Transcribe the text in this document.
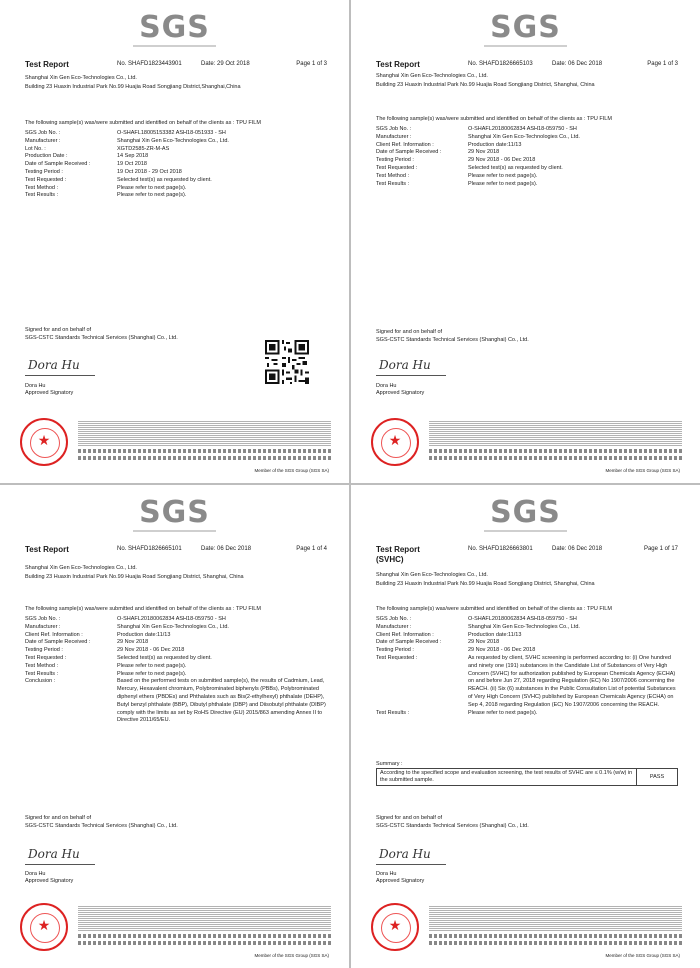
SGS
Test Report	No. SHAFD1823443901	Date: 29 Oct 2018	Page 1 of 3
Shanghai Xin Gen Eco-Technologies Co., Ltd.
Building 23 Huaxin Industrial Park No.99 Huajia Road Songjiang District,Shanghai,China
The following sample(s) was/were submitted and identified on behalf of the clients as : TPU FILM
SGS Job No. :	O-SHAFL18005153382 ASH18-051933 - SH
Manufacturer :	Shanghai Xin Gen Eco-Technologies Co., Ltd.
Lot No. :	XGTD2585-ZR-M-AS
Production Date :	14 Sep 2018
Date of Sample Received :	19 Oct 2018
Testing Period :	19 Oct 2018 - 29 Oct 2018
Test Requested :	Selected test(s) as requested by client.
Test Method :	Please refer to next page(s).
Test Results :	Please refer to next page(s).
Signed for and on behalf of
SGS-CSTC Standards Technical Services (Shanghai) Co., Ltd.
Dora Hu
Dora Hu
Approved Signatory
★
Member of the SGS Group (SGS SA)
SGS
Test Report	No. SHAFD1826665103	Date: 06 Dec 2018	Page 1 of 3
Shanghai Xin Gen Eco-Technologies Co., Ltd.
Building 23 Huaxin Industrial Park No.99 Huajia Road Songjiang District, Shanghai, China
The following sample(s) was/were submitted and identified on behalf of the clients as : TPU FILM
SGS Job No. :	O-SHAFL20180062834 ASH18-059750 - SH
Manufacturer :	Shanghai Xin Gen Eco-Technologies Co., Ltd.
Client Ref. Information :	Production date:11/13
Date of Sample Received :	29 Nov 2018
Testing Period :	29 Nov 2018 - 06 Dec 2018
Test Requested :	Selected test(s) as requested by client.
Test Method :	Please refer to next page(s).
Test Results :	Please refer to next page(s).
Signed for and on behalf of
SGS-CSTC Standards Technical Services (Shanghai) Co., Ltd.
Dora Hu
Dora Hu
Approved Signatory
★
Member of the SGS Group (SGS SA)
SGS
Test Report	No. SHAFD1826665101	Date: 06 Dec 2018	Page 1 of 4
Shanghai Xin Gen Eco-Technologies Co., Ltd.
Building 23 Huaxin Industrial Park No.99 Huajia Road Songjiang District, Shanghai, China
The following sample(s) was/were submitted and identified on behalf of the clients as : TPU FILM
SGS Job No. :	O-SHAFL20180062834 ASH18-059750 - SH
Manufacturer :	Shanghai Xin Gen Eco-Technologies Co., Ltd.
Client Ref. Information :	Production date:11/13
Date of Sample Received :	29 Nov 2018
Testing Period :	29 Nov 2018 - 06 Dec 2018
Test Requested :	Selected test(s) as requested by client.
Test Method :	Please refer to next page(s).
Test Results :	Please refer to next page(s).
Conclusion :	Based on the performed tests on submitted sample(s), the results of Cadmium, Lead, Mercury, Hexavalent chromium, Polybrominated biphenyls (PBBs), Polybrominated diphenyl ethers (PBDEs) and Phthalates such as Bis(2-ethylhexyl) phthalate (DEHP), Butyl benzyl phthalate (BBP), Dibutyl phthalate (DBP) and Diisobutyl phthalate (DIBP) comply with the limits as set by RoHS Directive (EU) 2015/863 amending Annex II to Directive 2011/65/EU.
Signed for and on behalf of
SGS-CSTC Standards Technical Services (Shanghai) Co., Ltd.
Dora Hu
Dora Hu
Approved Signatory
★
Member of the SGS Group (SGS SA)
SGS
Test Report
(SVHC)
No. SHAFD1826663801	Date: 06 Dec 2018	Page 1 of 17
Shanghai Xin Gen Eco-Technologies Co., Ltd.
Building 23 Huaxin Industrial Park No.99 Huajia Road Songjiang District, Shanghai, China
The following sample(s) was/were submitted and identified on behalf of the clients as : TPU FILM
SGS Job No. :	O-SHAFL20180062834 ASH18-059750 - SH
Manufacturer :	Shanghai Xin Gen Eco-Technologies Co., Ltd.
Client Ref. Information :	Production date:11/13
Date of Sample Received :	29 Nov 2018
Testing Period :	29 Nov 2018 - 06 Dec 2018
Test Requested :	As requested by client, SVHC screening is performed according to: (i) One hundred and ninety one (191) substances in the Candidate List of Substances of Very High Concern (SVHC) for authorization published by European Chemicals Agency (ECHA) on and before Jun 27, 2018 regarding Regulation (EC) No 1907/2006 concerning the REACH. (ii) Six (6) substances in the Public Consultation List of potential Substances of Very High Concern (SVHC) published by European Chemicals Agency (ECHA) on Sep 4, 2018 regarding Regulation (EC) No 1907/2006 concerning the REACH.
Test Results :	Please refer to next page(s).
Summary :
According to the specified scope and evaluation screening, the test results of SVHC are ≤ 0.1% (w/w) in the submitted sample.	PASS
Signed for and on behalf of
SGS-CSTC Standards Technical Services (Shanghai) Co., Ltd.
Dora Hu
Dora Hu
Approved Signatory
★
Member of the SGS Group (SGS SA)
